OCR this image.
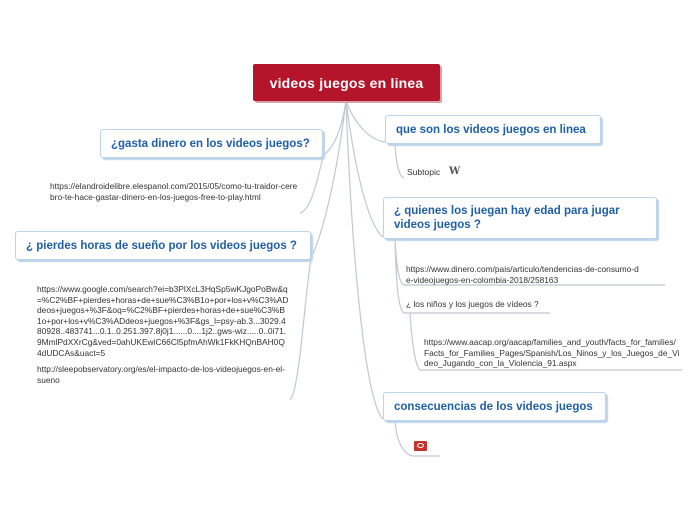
videos juegos en linea
¿gasta dinero en los videos juegos?
¿ pierdes horas de sueño por los videos juegos ?
que son los videos juegos en linea
¿ quienes los juegan hay edad para jugar videos juegos ?
consecuencias de los videos juegos
https://elandroidelibre.elespanol.com/2015/05/como-tu-traidor-cerebro-te-hace-gastar-dinero-en-los-juegos-free-to-play.html
https://www.google.com/search?ei=b3PlXcL3HqSp5wKJgoPoBw&q=%C2%BF+pierdes+horas+de+sue%C3%B1o+por+los+v%C3%ADdeos+juegos+%3F&oq=%C2%BF+pierdes+horas+de+sue%C3%B1o+por+los+v%C3%ADdeos+juegos+%3F&gs_l=psy-ab.3...3029.480928..483741...0.1..0.251.397.8j0j1......0....1j2..gws-wiz.....0..0i71.9MmlPdXXrCg&ved=0ahUKEwiC66Cl5pfmAhWk1FkKHQnBAH0Q4dUDCAs&uact=5
http://sleepobservatory.org/es/el-impacto-de-los-videojuegos-en-el-sueno
Subtopic W
https://www.dinero.com/pais/articulo/tendencias-de-consumo-de-videojuegos-en-colombia-2018/258163
¿ los niños y los juegos de vídeos ?
https://www.aacap.org/aacap/families_and_youth/facts_for_families/Facts_for_Families_Pages/Spanish/Los_Ninos_y_los_Juegos_de_Video_Jugando_con_la_Violencia_91.aspx
